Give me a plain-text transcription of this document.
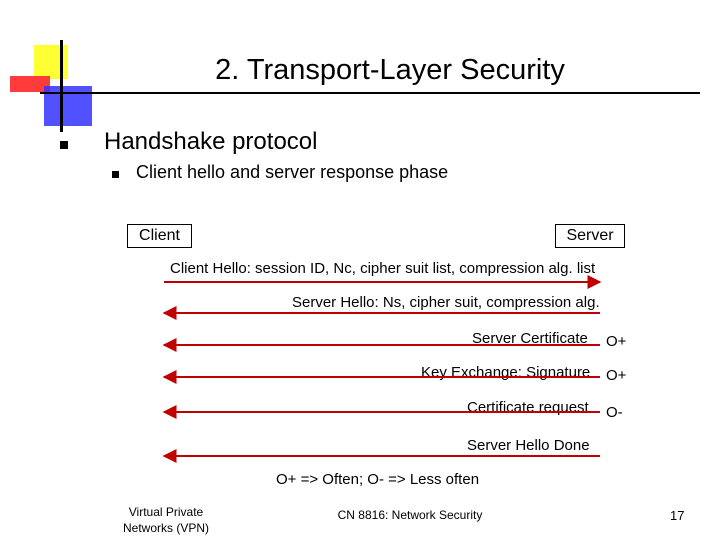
2. Transport-Layer Security
Handshake protocol
Client hello and server response phase
Client	Server
Client Hello: session ID, Nc, cipher suit list, compression alg. list
Server Hello: Ns, cipher suit, compression alg.
Server Certificate O+
Key Exchange: Signature O+
Certificate request O-
Server Hello Done
O+ => Often; O- => Less often
Virtual Private
Networks (VPN)
CN 8816: Network Security	17
